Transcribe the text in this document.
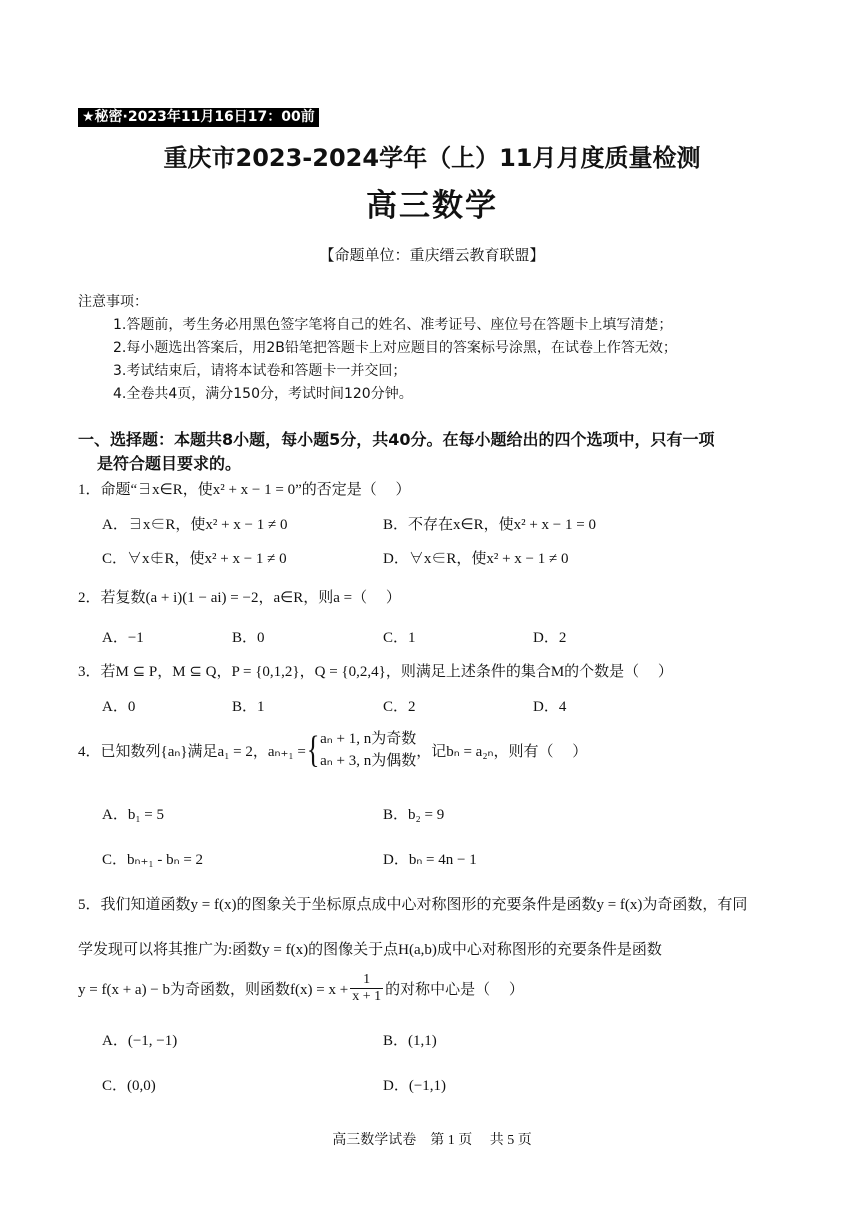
★秘密·2023年11月16日17：00前
重庆市2023-2024学年（上）11月月度质量检测
高三数学
【命题单位：重庆缙云教育联盟】
注意事项：
1.答题前，考生务必用黑色签字笔将自己的姓名、准考证号、座位号在答题卡上填写清楚；
2.每小题选出答案后，用2B铅笔把答题卡上对应题目的答案标号涂黑，在试卷上作答无效；
3.考试结束后，请将本试卷和答题卡一并交回；
4.全卷共4页，满分150分，考试时间120分钟。
一、选择题：本题共8小题，每小题5分，共40分。在每小题给出的四个选项中，只有一项
是符合题目要求的。
1．命题“∃x∈R，使x² + x − 1 = 0”的否定是（　 ）
A．∃x∈R，使x² + x − 1 ≠ 0	B．不存在x∈R，使x² + x − 1 = 0
C．∀x∉R，使x² + x − 1 ≠ 0	D．∀x∈R，使x² + x − 1 ≠ 0
2．若复数(a + i)(1 − ai) = −2，a∈R，则a =（　 ）
A．−1	B．0	C．1	D．2
3．若M ⊆ P，M ⊆ Q，P = {0,1,2}，Q = {0,2,4}，则满足上述条件的集合M的个数是（　 ）
A．0	B．1	C．2	D．4
4．已知数列{aₙ}满足a₁ = 2，aₙ₊₁ = { aₙ + 1, n为奇数
aₙ + 3, n为偶数
，记bₙ = a₂ₙ，则有（　 ）
A．b₁ = 5	B．b₂ = 9
C．bₙ₊₁ - bₙ = 2	D．bₙ = 4n − 1
5．我们知道函数y = f(x)的图象关于坐标原点成中心对称图形的充要条件是函数y = f(x)为奇函数，有同
学发现可以将其推广为:函数y = f(x)的图像关于点H(a,b)成中心对称图形的充要条件是函数
y = f(x + a) − b为奇函数，则函数$f(x) = x + \frac{1}{x + 1}$ 的对称中心是（　 ）
A．(−1, −1)	B．(1,1)
C．(0,0)	D．(−1,1)
高三数学试卷　第 1 页　 共 5 页
